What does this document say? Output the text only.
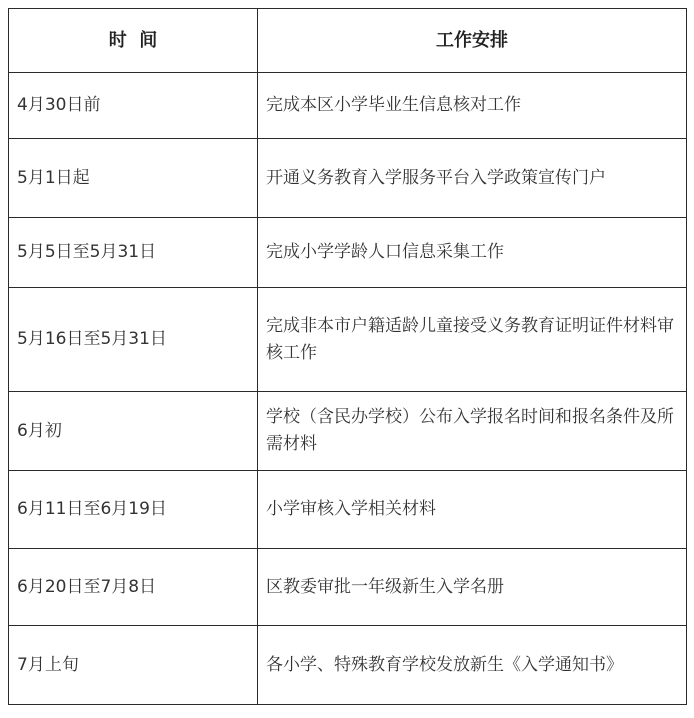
时  间	工作安排
4月30日前	完成本区小学毕业生信息核对工作
5月1日起	开通义务教育入学服务平台入学政策宣传门户
5月5日至5月31日	完成小学学龄人口信息采集工作
5月16日至5月31日	完成非本市户籍适龄儿童接受义务教育证明证件材料审核工作
6月初	学校（含民办学校）公布入学报名时间和报名条件及所需材料
6月11日至6月19日	小学审核入学相关材料
6月20日至7月8日	区教委审批一年级新生入学名册
7月上旬	各小学、特殊教育学校发放新生《入学通知书》
